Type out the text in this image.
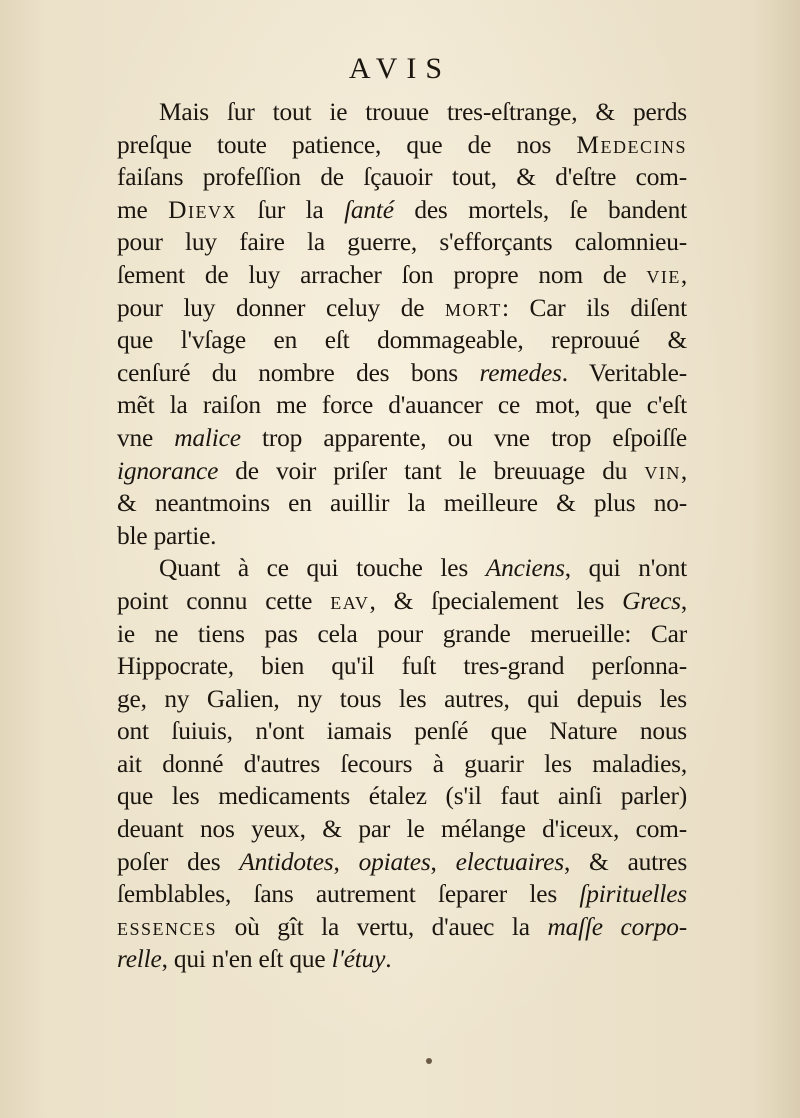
AVIS
Mais ſur tout ie trouue tres-eſtrange, & perds
preſque toute patience, que de nos Medecins
faiſans profeſſion de ſçauoir tout, & d'eſtre com-
me Dievx ſur la ſanté des mortels, ſe bandent
pour luy faire la guerre, s'efforçants calomnieu-
ſement de luy arracher ſon propre nom de vie,
pour luy donner celuy de mort: Car ils diſent
que l'vſage en eſt dommageable, reprouué &
cenſuré du nombre des bons remedes. Veritable-
mẽt la raiſon me force d'auancer ce mot, que c'eſt
vne malice trop apparente, ou vne trop eſpoiſſe
ignorance de voir priſer tant le breuuage du vin,
& neantmoins en auillir la meilleure & plus no-
ble partie.
Quant à ce qui touche les Anciens, qui n'ont
point connu cette eav, & ſpecialement les Grecs,
ie ne tiens pas cela pour grande merueille: Car
Hippocrate, bien qu'il fuſt tres-grand perſonna-
ge, ny Galien, ny tous les autres, qui depuis les
ont ſuiuis, n'ont iamais penſé que Nature nous
ait donné d'autres ſecours à guarir les maladies,
que les medicaments étalez (s'il faut ainſi parler)
deuant nos yeux, & par le mélange d'iceux, com-
poſer des Antidotes, opiates, electuaires, & autres
ſemblables, ſans autrement ſeparer les ſpirituelles
essences où gît la vertu, d'auec la maſſe corpo-
relle, qui n'en eſt que l'étuy.
